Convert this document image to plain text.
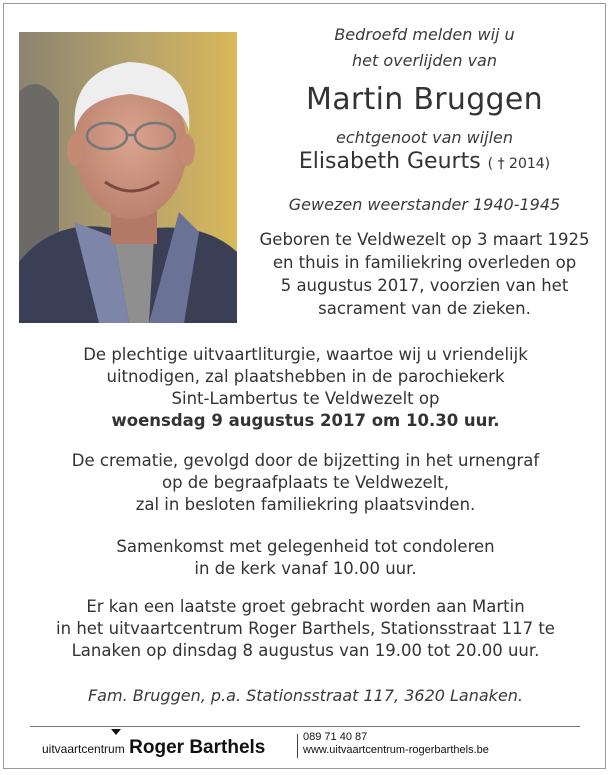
Bedroefd melden wij u
het overlijden van
Martin Bruggen
echtgenoot van wijlen
Elisabeth Geurts ( † 2014)
Gewezen weerstander 1940-1945
Geboren te Veldwezelt op 3 maart 1925
en thuis in familiekring overleden op
5 augustus 2017, voorzien van het
sacrament van de zieken.
De plechtige uitvaartliturgie, waartoe wij u vriendelijk
uitnodigen, zal plaatshebben in de parochiekerk
Sint-Lambertus te Veldwezelt op
woensdag 9 augustus 2017 om 10.30 uur.
De crematie, gevolgd door de bijzetting in het urnengraf
op de begraafplaats te Veldwezelt,
zal in besloten familiekring plaatsvinden.
Samenkomst met gelegenheid tot condoleren
in de kerk vanaf 10.00 uur.
Er kan een laatste groet gebracht worden aan Martin
in het uitvaartcentrum Roger Barthels, Stationsstraat 117 te
Lanaken op dinsdag 8 augustus van 19.00 tot 20.00 uur.
Fam. Bruggen, p.a. Stationsstraat 117, 3620 Lanaken.
uitvaartcentrum Roger Barthels	089 71 40 87
www.uitvaartcentrum-rogerbarthels.be
